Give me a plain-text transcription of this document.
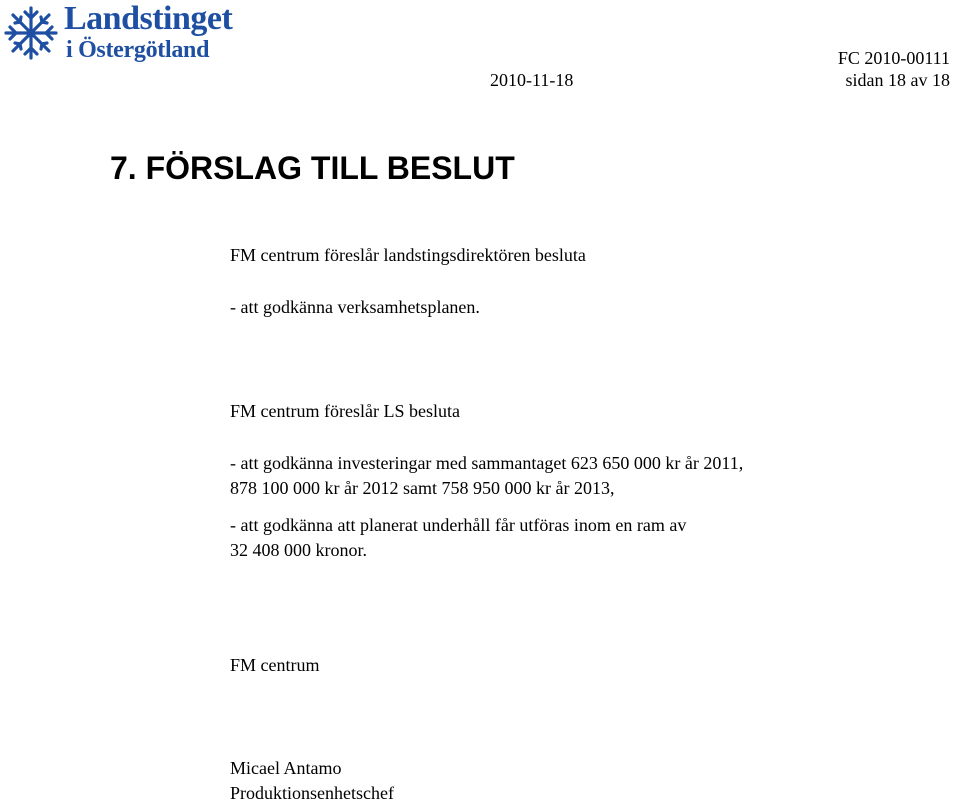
Landstinget
i Östergötland	FC 2010-00111
2010-11-18	sidan 18 av 18
7. FÖRSLAG TILL BESLUT
FM centrum föreslår landstingsdirektören besluta
- att godkänna verksamhetsplanen.
FM centrum föreslår LS besluta
- att godkänna investeringar med sammantaget 623 650 000 kr år 2011,
878 100 000 kr år 2012 samt 758 950 000 kr år 2013,
- att godkänna att planerat underhåll får utföras inom en ram av
32 408 000 kronor.
FM centrum
Micael Antamo
Produktionsenhetschef
